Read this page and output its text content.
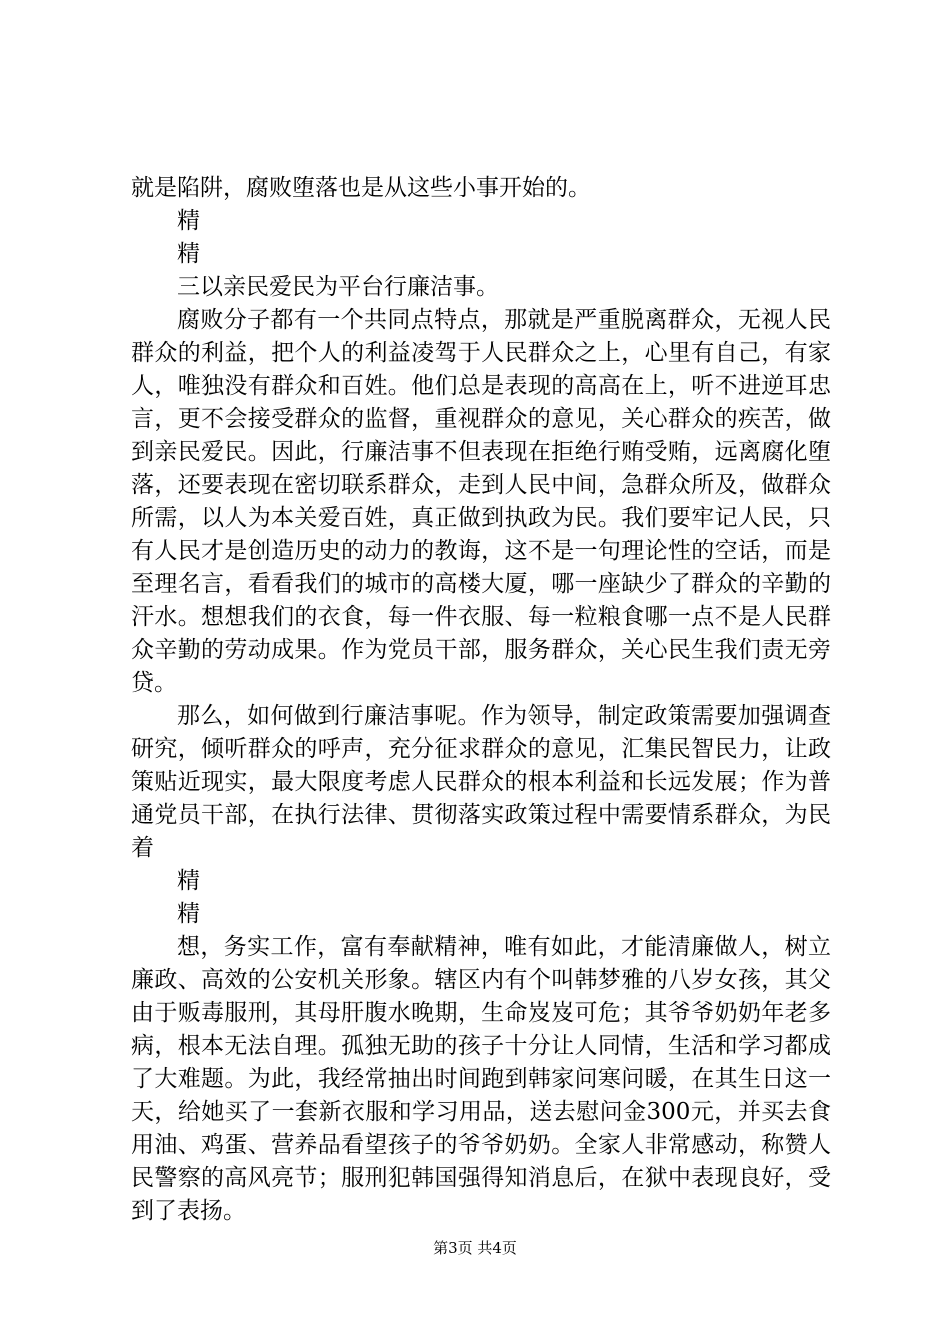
就是陷阱，腐败堕落也是从这些小事开始的。

精

精

三以亲民爱民为平台行廉洁事。

腐败分子都有一个共同点特点，那就是严重脱离群众，无视人民群众的利益，把个人的利益凌驾于人民群众之上，心里有自己，有家人，唯独没有群众和百姓。他们总是表现的高高在上，听不进逆耳忠言，更不会接受群众的监督，重视群众的意见，关心群众的疾苦，做到亲民爱民。因此，行廉洁事不但表现在拒绝行贿受贿，远离腐化堕落，还要表现在密切联系群众，走到人民中间，急群众所及，做群众所需，以人为本关爱百姓，真正做到执政为民。我们要牢记人民，只有人民才是创造历史的动力的教诲，这不是一句理论性的空话，而是至理名言，看看我们的城市的高楼大厦，哪一座缺少了群众的辛勤的汗水。想想我们的衣食，每一件衣服、每一粒粮食哪一点不是人民群众辛勤的劳动成果。作为党员干部，服务群众，关心民生我们责无旁贷。

那么，如何做到行廉洁事呢。作为领导，制定政策需要加强调查研究，倾听群众的呼声，充分征求群众的意见，汇集民智民力，让政策贴近现实，最大限度考虑人民群众的根本利益和长远发展；作为普通党员干部，在执行法律、贯彻落实政策过程中需要情系群众，为民着

精

精

想，务实工作，富有奉献精神，唯有如此，才能清廉做人，树立廉政、高效的公安机关形象。辖区内有个叫韩梦雅的八岁女孩，其父由于贩毒服刑，其母肝腹水晚期，生命岌岌可危；其爷爷奶奶年老多病，根本无法自理。孤独无助的孩子十分让人同情，生活和学习都成了大难题。为此，我经常抽出时间跑到韩家问寒问暖，在其生日这一天，给她买了一套新衣服和学习用品，送去慰问金300元，并买去食用油、鸡蛋、营养品看望孩子的爷爷奶奶。全家人非常感动，称赞人民警察的高风亮节；服刑犯韩国强得知消息后，在狱中表现良好，受到了表扬。

第3页 共4页
